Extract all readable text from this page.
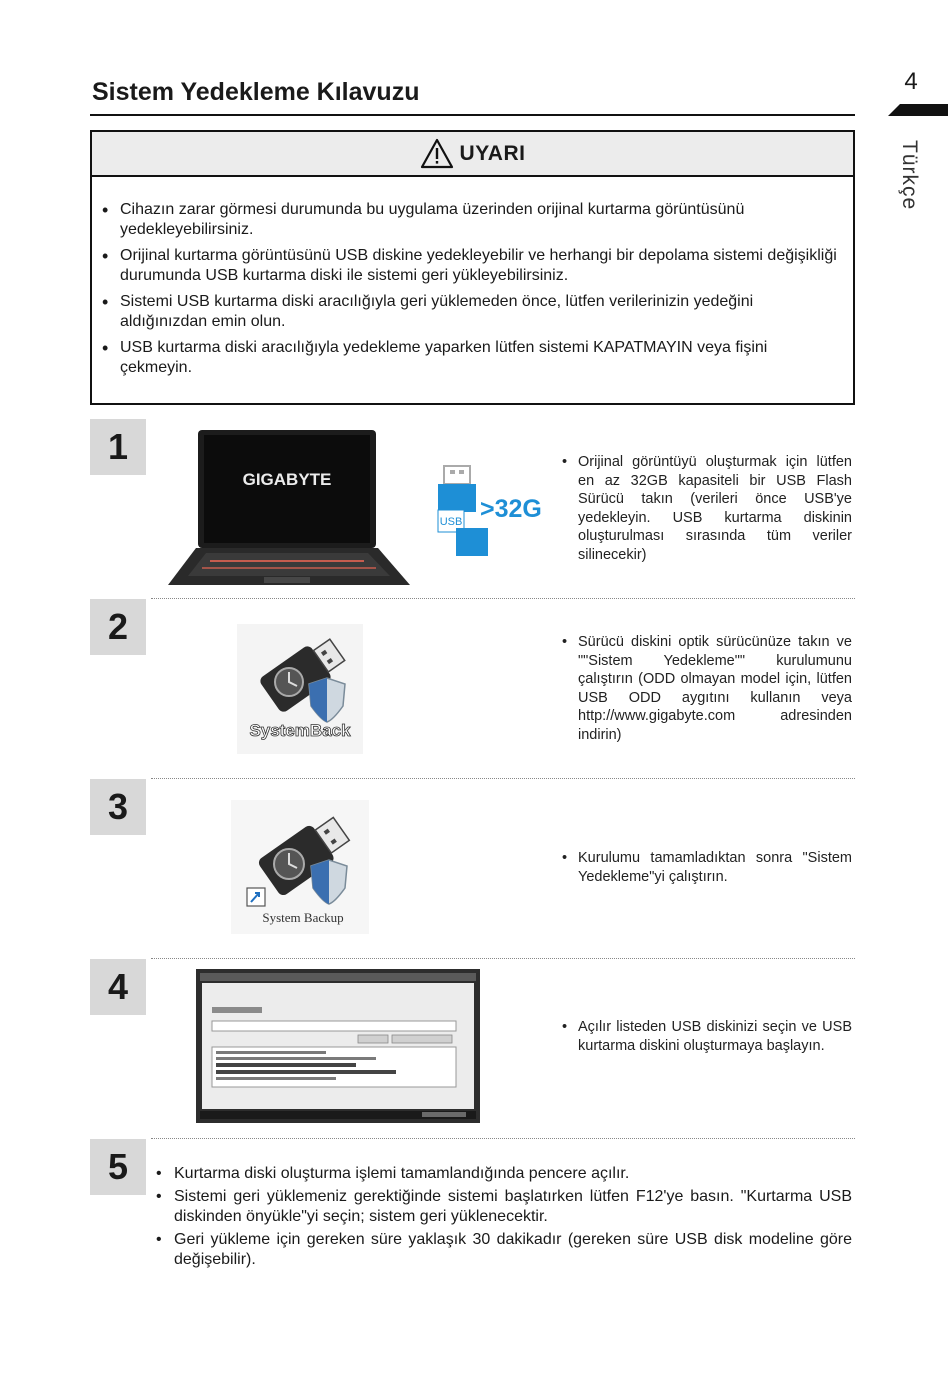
4
Türkçe
Sistem Yedekleme Kılavuzu
UYARI
• Cihazın zarar görmesi durumunda bu uygulama üzerinden orijinal kurtarma görüntüsünü yedekleyebilirsiniz.
• Orijinal kurtarma görüntüsünü USB diskine yedekleyebilir ve herhangi bir depolama sistemi değişikliği durumunda USB kurtarma diski ile sistemi geri yükleyebilirsiniz.
• Sistemi USB kurtarma diski aracılığıyla geri yüklemeden önce, lütfen verilerinizin yedeğini aldığınızdan emin olun.
• USB kurtarma diski aracılığıyla yedekleme yaparken lütfen sistemi KAPATMAYIN veya fişini çekmeyin.
1
GIGABYTE
USB >32G
• Orijinal görüntüyü oluşturmak için lütfen en az 32GB kapasiteli bir USB Flash Sürücü takın (verileri önce USB'ye yedekleyin. USB kurtarma diskinin oluşturulması sırasında tüm veriler silinecekir)
2
SystemBack
• Sürücü diskini optik sürücünüze takın ve ""Sistem Yedekleme"" kurulumunu çalıştırın (ODD olmayan model için, lütfen USB ODD aygıtını kullanın veya http://www.gigabyte.com adresinden indirin)
3
System Backup
• Kurulumu tamamladıktan sonra "Sistem Yedekleme"yi çalıştırın.
4
• Açılır listeden USB diskinizi seçin ve USB kurtarma diskini oluşturmaya başlayın.
5
•	Kurtarma diski oluşturma işlemi tamamlandığında pencere açılır.
• Sistemi geri yüklemeniz gerektiğinde sistemi başlatırken lütfen F12'ye basın. "Kurtarma USB diskinden önyükle"yi seçin; sistem geri yüklenecektir.
• Geri yükleme için gereken süre yaklaşık 30 dakikadır (gereken süre USB disk modeline göre değişebilir).
